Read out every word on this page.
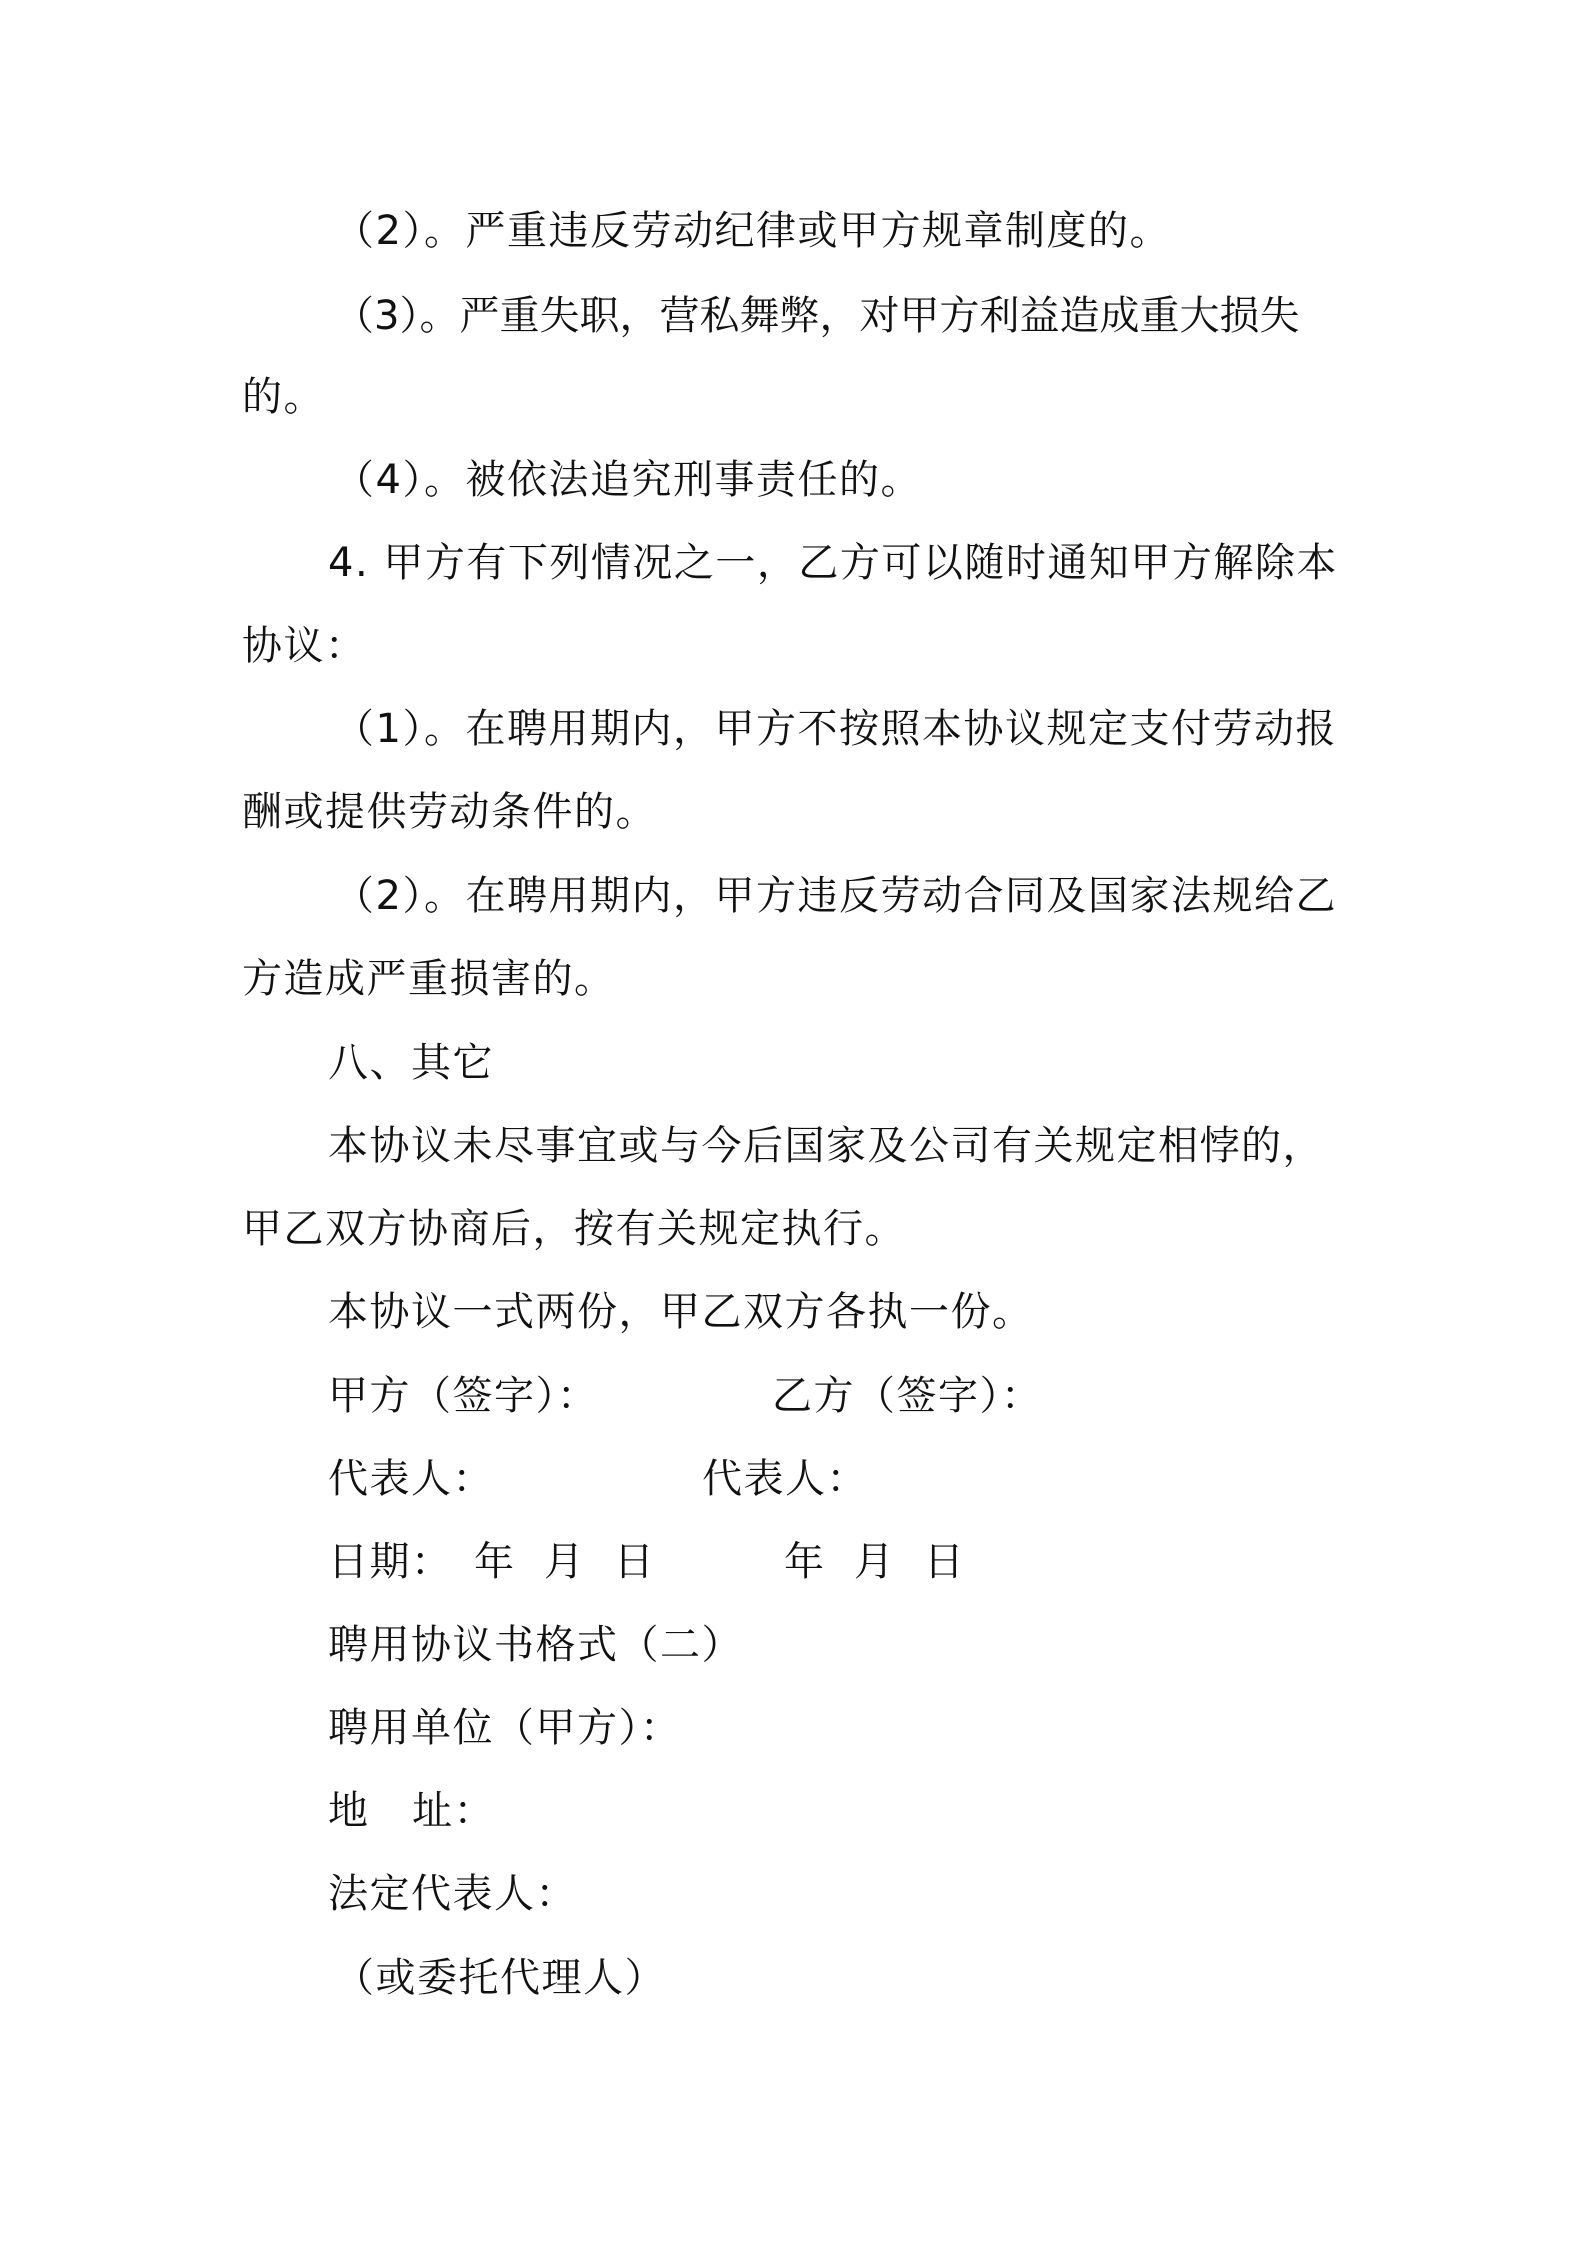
（2）。严重违反劳动纪律或甲方规章制度的。
（3）。严重失职，营私舞弊，对甲方利益造成重大损失
的。
（4）。被依法追究刑事责任的。
4. 甲方有下列情况之一，乙方可以随时通知甲方解除本
协议：
（1）。在聘用期内，甲方不按照本协议规定支付劳动报
酬或提供劳动条件的。
（2）。在聘用期内，甲方违反劳动合同及国家法规给乙
方造成严重损害的。
八、其它
本协议未尽事宜或与今后国家及公司有关规定相悖的，
甲乙双方协商后，按有关规定执行。
本协议一式两份，甲乙双方各执一份。
甲方（签字）：	乙方（签字）：
代表人：	代表人：
日期： 年  月  日	年  月  日
聘用协议书格式（二）
聘用单位（甲方）：
地   址：
法定代表人：
（或委托代理人）
